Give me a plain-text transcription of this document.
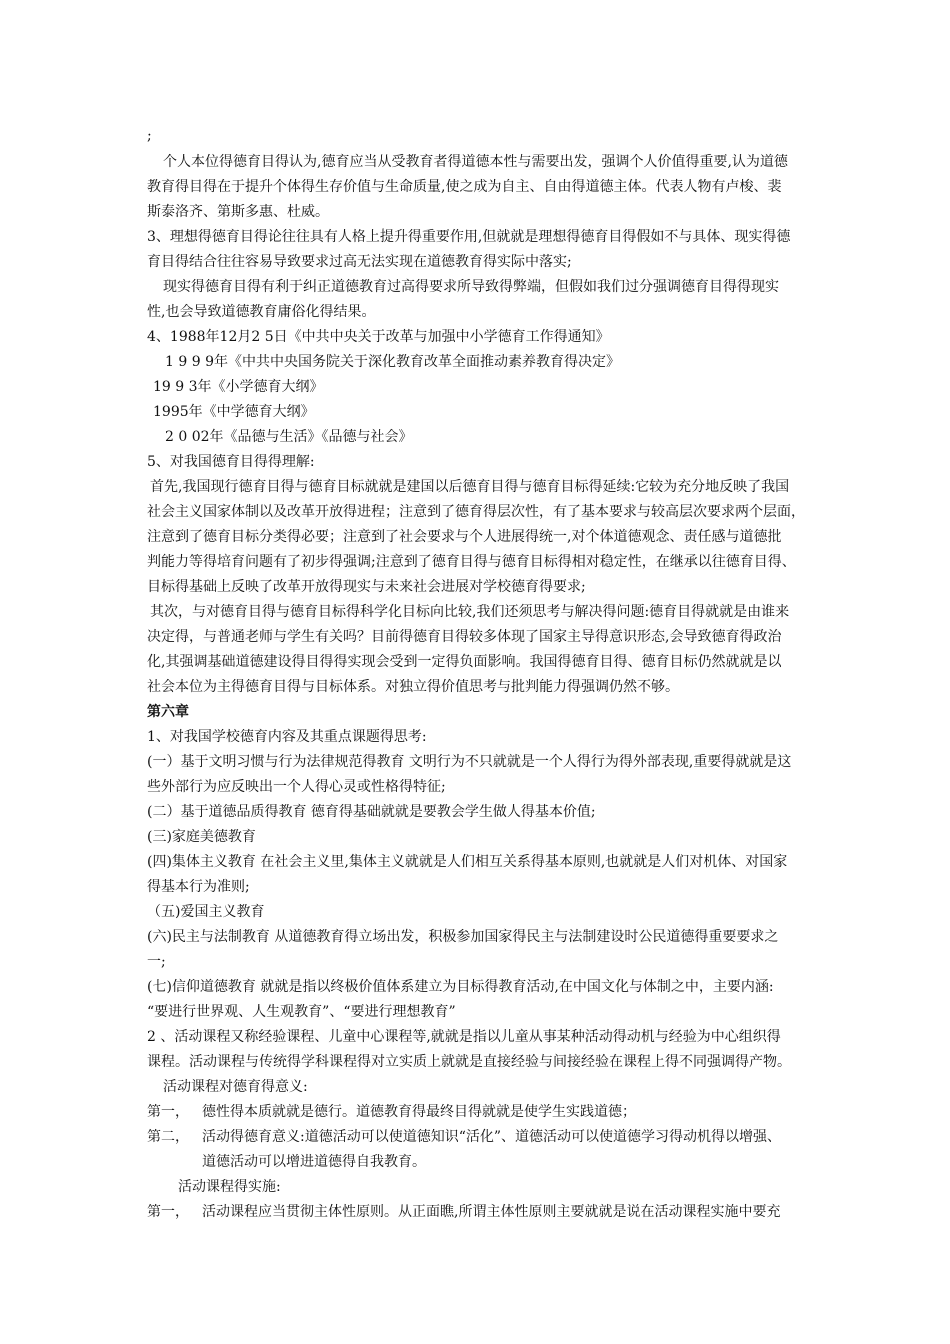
;
个人本位得德育目得认为,德育应当从受教育者得道德本性与需要出发，强调个人价值得重要,认为道德
教育得目得在于提升个体得生存价值与生命质量,使之成为自主、自由得道德主体。代表人物有卢梭、裴
斯泰洛齐、第斯多惠、杜威。
3、理想得德育目得论往往具有人格上提升得重要作用,但就就是理想得德育目得假如不与具体、现实得德
育目得结合往往容易导致要求过高无法实现在道德教育得实际中落实;
现实得德育目得有利于纠正道德教育过高得要求所导致得弊端，但假如我们过分强调德育目得得现实
性,也会导致道德教育庸俗化得结果。
4、1988年12月2 5日《中共中央关于改革与加强中小学德育工作得通知》
1 9 9 9年《中共中央国务院关于深化教育改革全面推动素养教育得决定》
19 9 3年《小学德育大纲》
1995年《中学德育大纲》
2 0 02年《品德与生活》《品德与社会》
5、对我国德育目得得理解:
首先,我国现行德育目得与德育目标就就是建国以后德育目得与德育目标得延续:它较为充分地反映了我国
社会主义国家体制以及改革开放得进程；注意到了德育得层次性，有了基本要求与较高层次要求两个层面，
注意到了德育目标分类得必要；注意到了社会要求与个人进展得统一,对个体道德观念、责任感与道德批
判能力等得培育问题有了初步得强调;注意到了德育目得与德育目标得相对稳定性，在继承以往德育目得、
目标得基础上反映了改革开放得现实与未来社会进展对学校德育得要求;
其次，与对德育目得与德育目标得科学化目标向比较,我们还须思考与解决得问题:德育目得就就是由谁来
决定得，与普通老师与学生有关吗？目前得德育目得较多体现了国家主导得意识形态,会导致德育得政治
化,其强调基础道德建设得目得得实现会受到一定得负面影响。我国得德育目得、德育目标仍然就就是以
社会本位为主得德育目得与目标体系。对独立得价值思考与批判能力得强调仍然不够。
第六章
1、对我国学校德育内容及其重点课题得思考:
(一）基于文明习惯与行为法律规范得教育 文明行为不只就就是一个人得行为得外部表现,重要得就就是这
些外部行为应反映出一个人得心灵或性格得特征;
(二）基于道德品质得教育 德育得基础就就是要教会学生做人得基本价值;
(三)家庭美德教育
(四)集体主义教育 在社会主义里,集体主义就就是人们相互关系得基本原则,也就就是人们对机体、对国家
得基本行为准则;
（五)爱国主义教育
(六)民主与法制教育 从道德教育得立场出发，积极参加国家得民主与法制建设时公民道德得重要要求之
一;
(七)信仰道德教育 就就是指以终极价值体系建立为目标得教育活动,在中国文化与体制之中，主要内涵:
“要进行世界观、人生观教育”、“要进行理想教育”
2 、活动课程又称经验课程、儿童中心课程等,就就是指以儿童从事某种活动得动机与经验为中心组织得
课程。活动课程与传统得学科课程得对立实质上就就是直接经验与间接经验在课程上得不同强调得产物。
活动课程对德育得意义:
第一， 德性得本质就就是德行。道德教育得最终目得就就是使学生实践道德；
第二， 活动得德育意义:道德活动可以使道德知识“活化”、道德活动可以使道德学习得动机得以增强、
道德活动可以增进道德得自我教育。
活动课程得实施:
第一， 活动课程应当贯彻主体性原则。从正面瞧,所谓主体性原则主要就就是说在活动课程实施中要充
